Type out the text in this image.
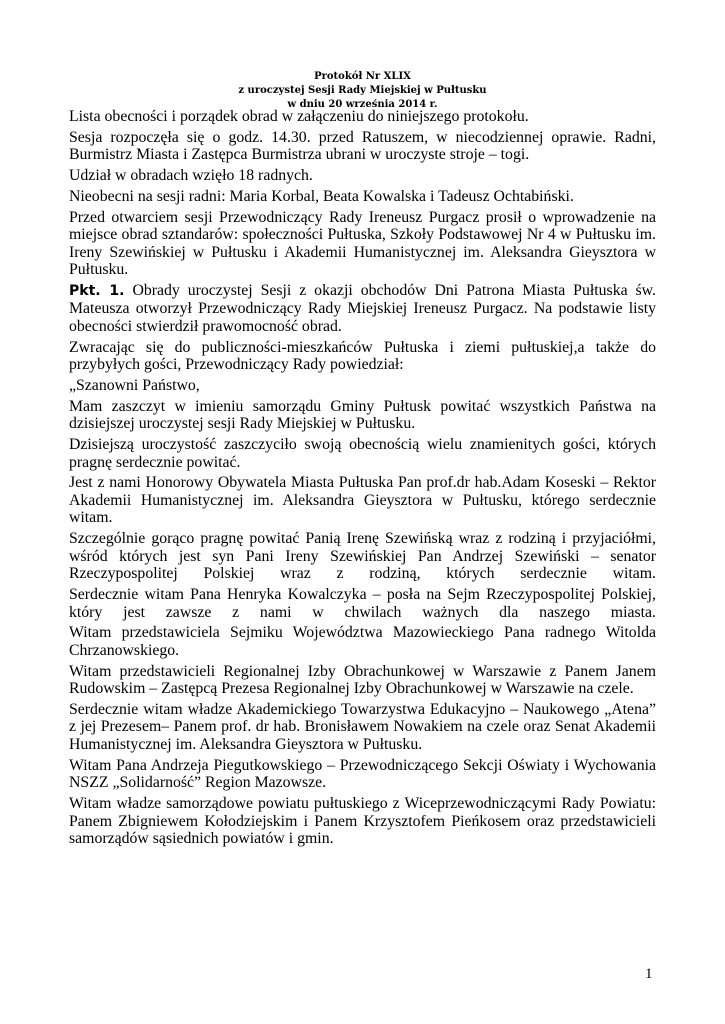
Protokół Nr XLIX
z uroczystej Sesji Rady Miejskiej w Pułtusku
w dniu 20 września 2014 r.

Lista obecności i porządek obrad w załączeniu do niniejszego protokołu.

Sesja rozpoczęła się o godz. 14.30. przed Ratuszem, w niecodziennej oprawie. Radni, Burmistrz Miasta i Zastępca Burmistrza ubrani w uroczyste stroje – togi.

Udział w obradach wzięło 18 radnych.

Nieobecni na sesji radni: Maria Korbal, Beata Kowalska i Tadeusz Ochtabiński.

Przed otwarciem sesji Przewodniczący Rady Ireneusz Purgacz prosił o wprowadzenie na miejsce obrad sztandarów: społeczności Pułtuska, Szkoły Podstawowej Nr 4 w Pułtusku im. Ireny Szewińskiej w Pułtusku i Akademii Humanistycznej im. Aleksandra Gieysztora w Pułtusku.

Pkt. 1. Obrady uroczystej Sesji z okazji obchodów Dni Patrona Miasta Pułtuska św. Mateusza otworzył Przewodniczący Rady Miejskiej Ireneusz Purgacz. Na podstawie listy obecności stwierdził prawomocność obrad.

Zwracając się do publiczności-mieszkańców Pułtuska i ziemi pułtuskiej,a także do przybyłych gości, Przewodniczący Rady powiedział:

„Szanowni Państwo,

Mam zaszczyt w imieniu samorządu Gminy Pułtusk powitać wszystkich Państwa na dzisiejszej uroczystej sesji Rady Miejskiej w Pułtusku.

Dzisiejszą uroczystość zaszczyciło swoją obecnością wielu znamienitych gości, których pragnę serdecznie powitać.

Jest z nami Honorowy Obywatela Miasta Pułtuska Pan prof.dr hab.Adam Koseski – Rektor Akademii Humanistycznej im. Aleksandra Gieysztora w Pułtusku, którego serdecznie witam.

Szczególnie gorąco pragnę powitać Panią Irenę Szewińską wraz z rodziną i przyjaciółmi, wśród których jest syn Pani Ireny Szewińskiej Pan Andrzej Szewiński – senator Rzeczypospolitej Polskiej wraz z rodziną, których serdecznie witam.

Serdecznie witam Pana Henryka Kowalczyka – posła na Sejm Rzeczypospolitej Polskiej, który jest zawsze z nami w chwilach ważnych dla naszego miasta.

Witam przedstawiciela Sejmiku Województwa Mazowieckiego Pana radnego Witolda Chrzanowskiego.

Witam przedstawicieli Regionalnej Izby Obrachunkowej w Warszawie z Panem Janem Rudowskim – Zastępcą Prezesa Regionalnej Izby Obrachunkowej w Warszawie na czele.

Serdecznie witam władze Akademickiego Towarzystwa Edukacyjno – Naukowego „Atena” z jej Prezesem– Panem prof. dr hab. Bronisławem Nowakiem na czele oraz Senat Akademii Humanistycznej im. Aleksandra Gieysztora w Pułtusku.

Witam Pana Andrzeja Piegutkowskiego – Przewodniczącego Sekcji Oświaty i Wychowania NSZZ „Solidarność” Region Mazowsze.

Witam władze samorządowe powiatu pułtuskiego z Wiceprzewodniczącymi Rady Powiatu: Panem Zbigniewem Kołodziejskim i Panem Krzysztofem Pieńkosem oraz przedstawicieli samorządów sąsiednich powiatów i gmin.

1
